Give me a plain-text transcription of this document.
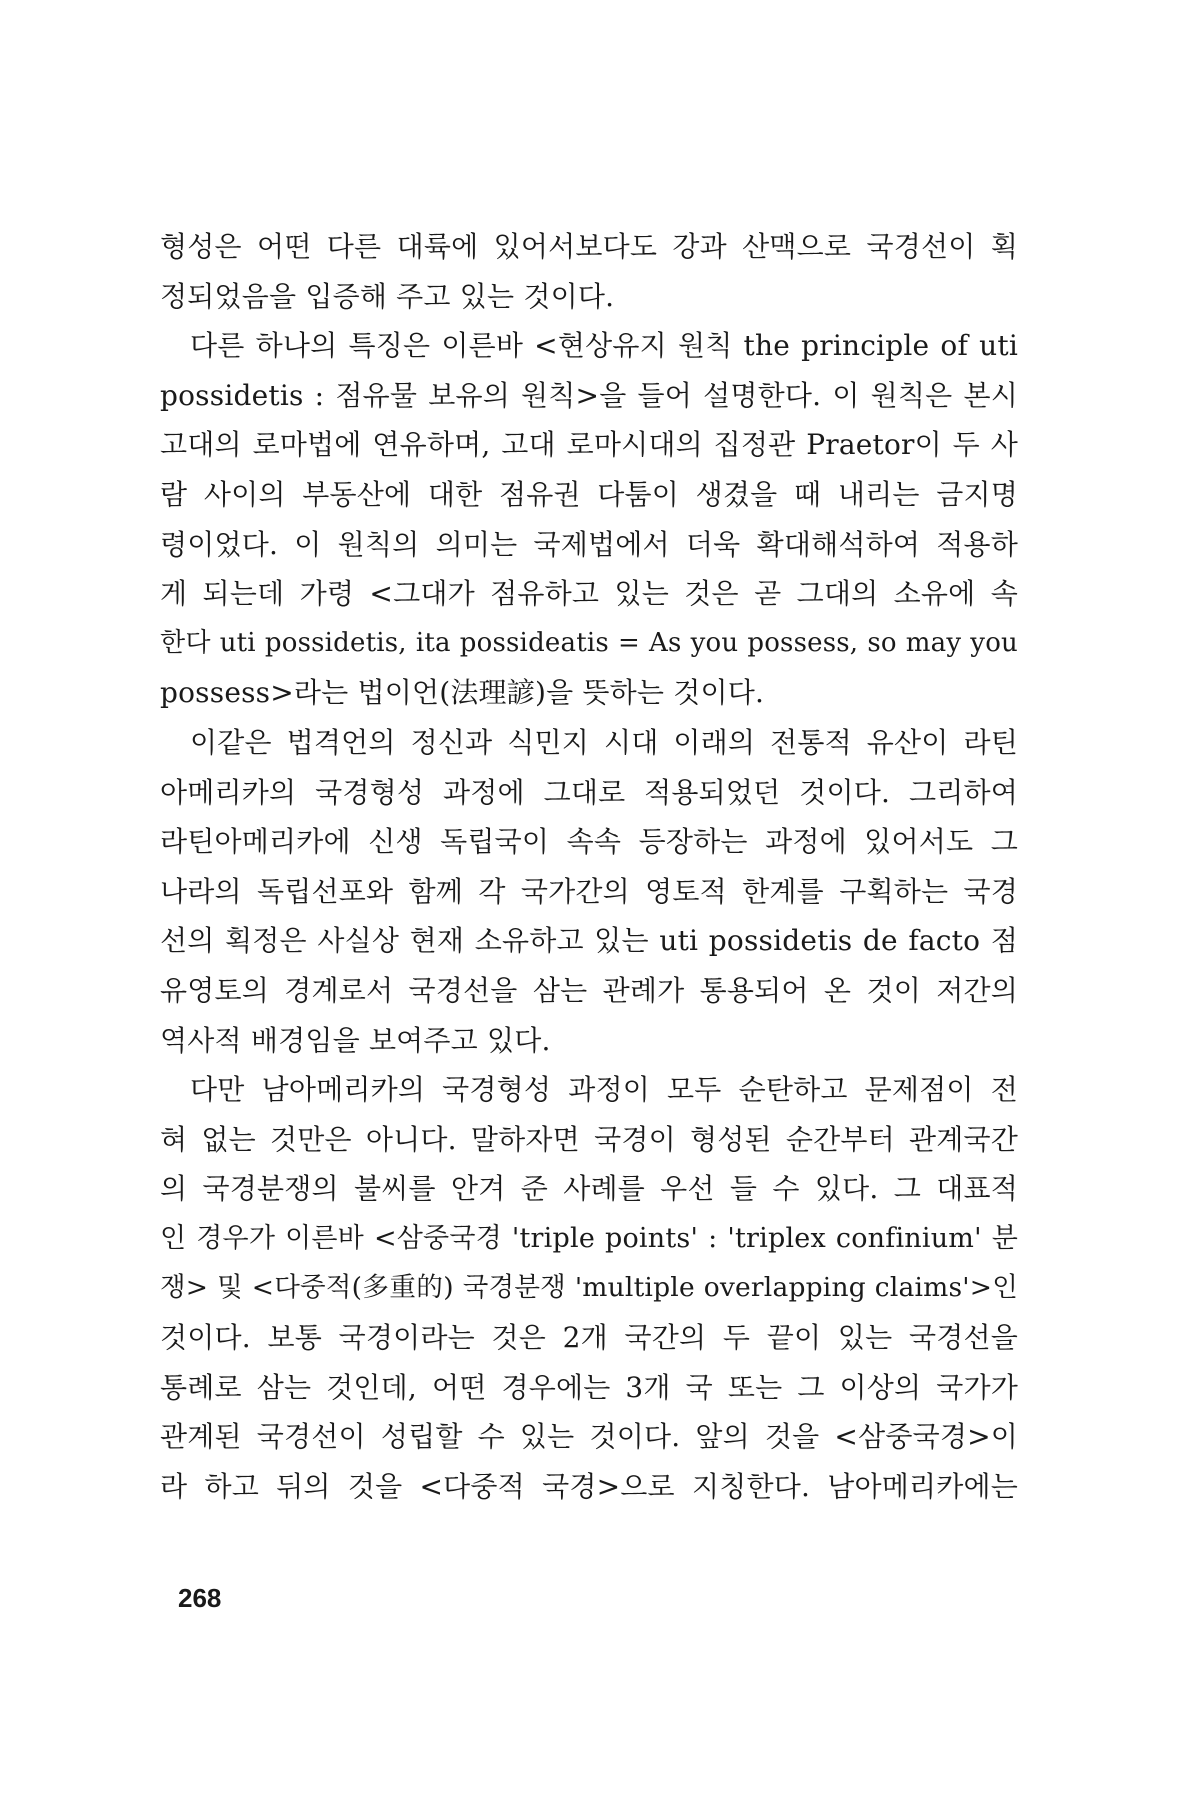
형성은 어떤 다른 대륙에 있어서보다도 강과 산맥으로 국경선이 획
정되었음을 입증해 주고 있는 것이다.
다른 하나의 특징은 이른바 <현상유지 원칙 the principle of uti
possidetis : 점유물 보유의 원칙>을 들어 설명한다. 이 원칙은 본시
고대의 로마법에 연유하며, 고대 로마시대의 집정관 Praetor이 두 사
람 사이의 부동산에 대한 점유권 다툼이 생겼을 때 내리는 금지명
령이었다. 이 원칙의 의미는 국제법에서 더욱 확대해석하여 적용하
게 되는데 가령 <그대가 점유하고 있는 것은 곧 그대의 소유에 속
한다 uti possidetis, ita possideatis = As you possess, so may you
possess>라는 법이언(法理諺)을 뜻하는 것이다.
이같은 법격언의 정신과 식민지 시대 이래의 전통적 유산이 라틴
아메리카의 국경형성 과정에 그대로 적용되었던 것이다. 그리하여
라틴아메리카에 신생 독립국이 속속 등장하는 과정에 있어서도 그
나라의 독립선포와 함께 각 국가간의 영토적 한계를 구획하는 국경
선의 획정은 사실상 현재 소유하고 있는 uti possidetis de facto 점
유영토의 경계로서 국경선을 삼는 관례가 통용되어 온 것이 저간의
역사적 배경임을 보여주고 있다.
다만 남아메리카의 국경형성 과정이 모두 순탄하고 문제점이 전
혀 없는 것만은 아니다. 말하자면 국경이 형성된 순간부터 관계국간
의 국경분쟁의 불씨를 안겨 준 사례를 우선 들 수 있다. 그 대표적
인 경우가 이른바 <삼중국경 'triple points' : 'triplex confinium' 분
쟁> 및 <다중적(多重的) 국경분쟁 'multiple overlapping claims'>인
것이다. 보통 국경이라는 것은 2개 국간의 두 끝이 있는 국경선을
통례로 삼는 것인데, 어떤 경우에는 3개 국 또는 그 이상의 국가가
관계된 국경선이 성립할 수 있는 것이다. 앞의 것을 <삼중국경>이
라 하고 뒤의 것을 <다중적 국경>으로 지칭한다. 남아메리카에는
268
